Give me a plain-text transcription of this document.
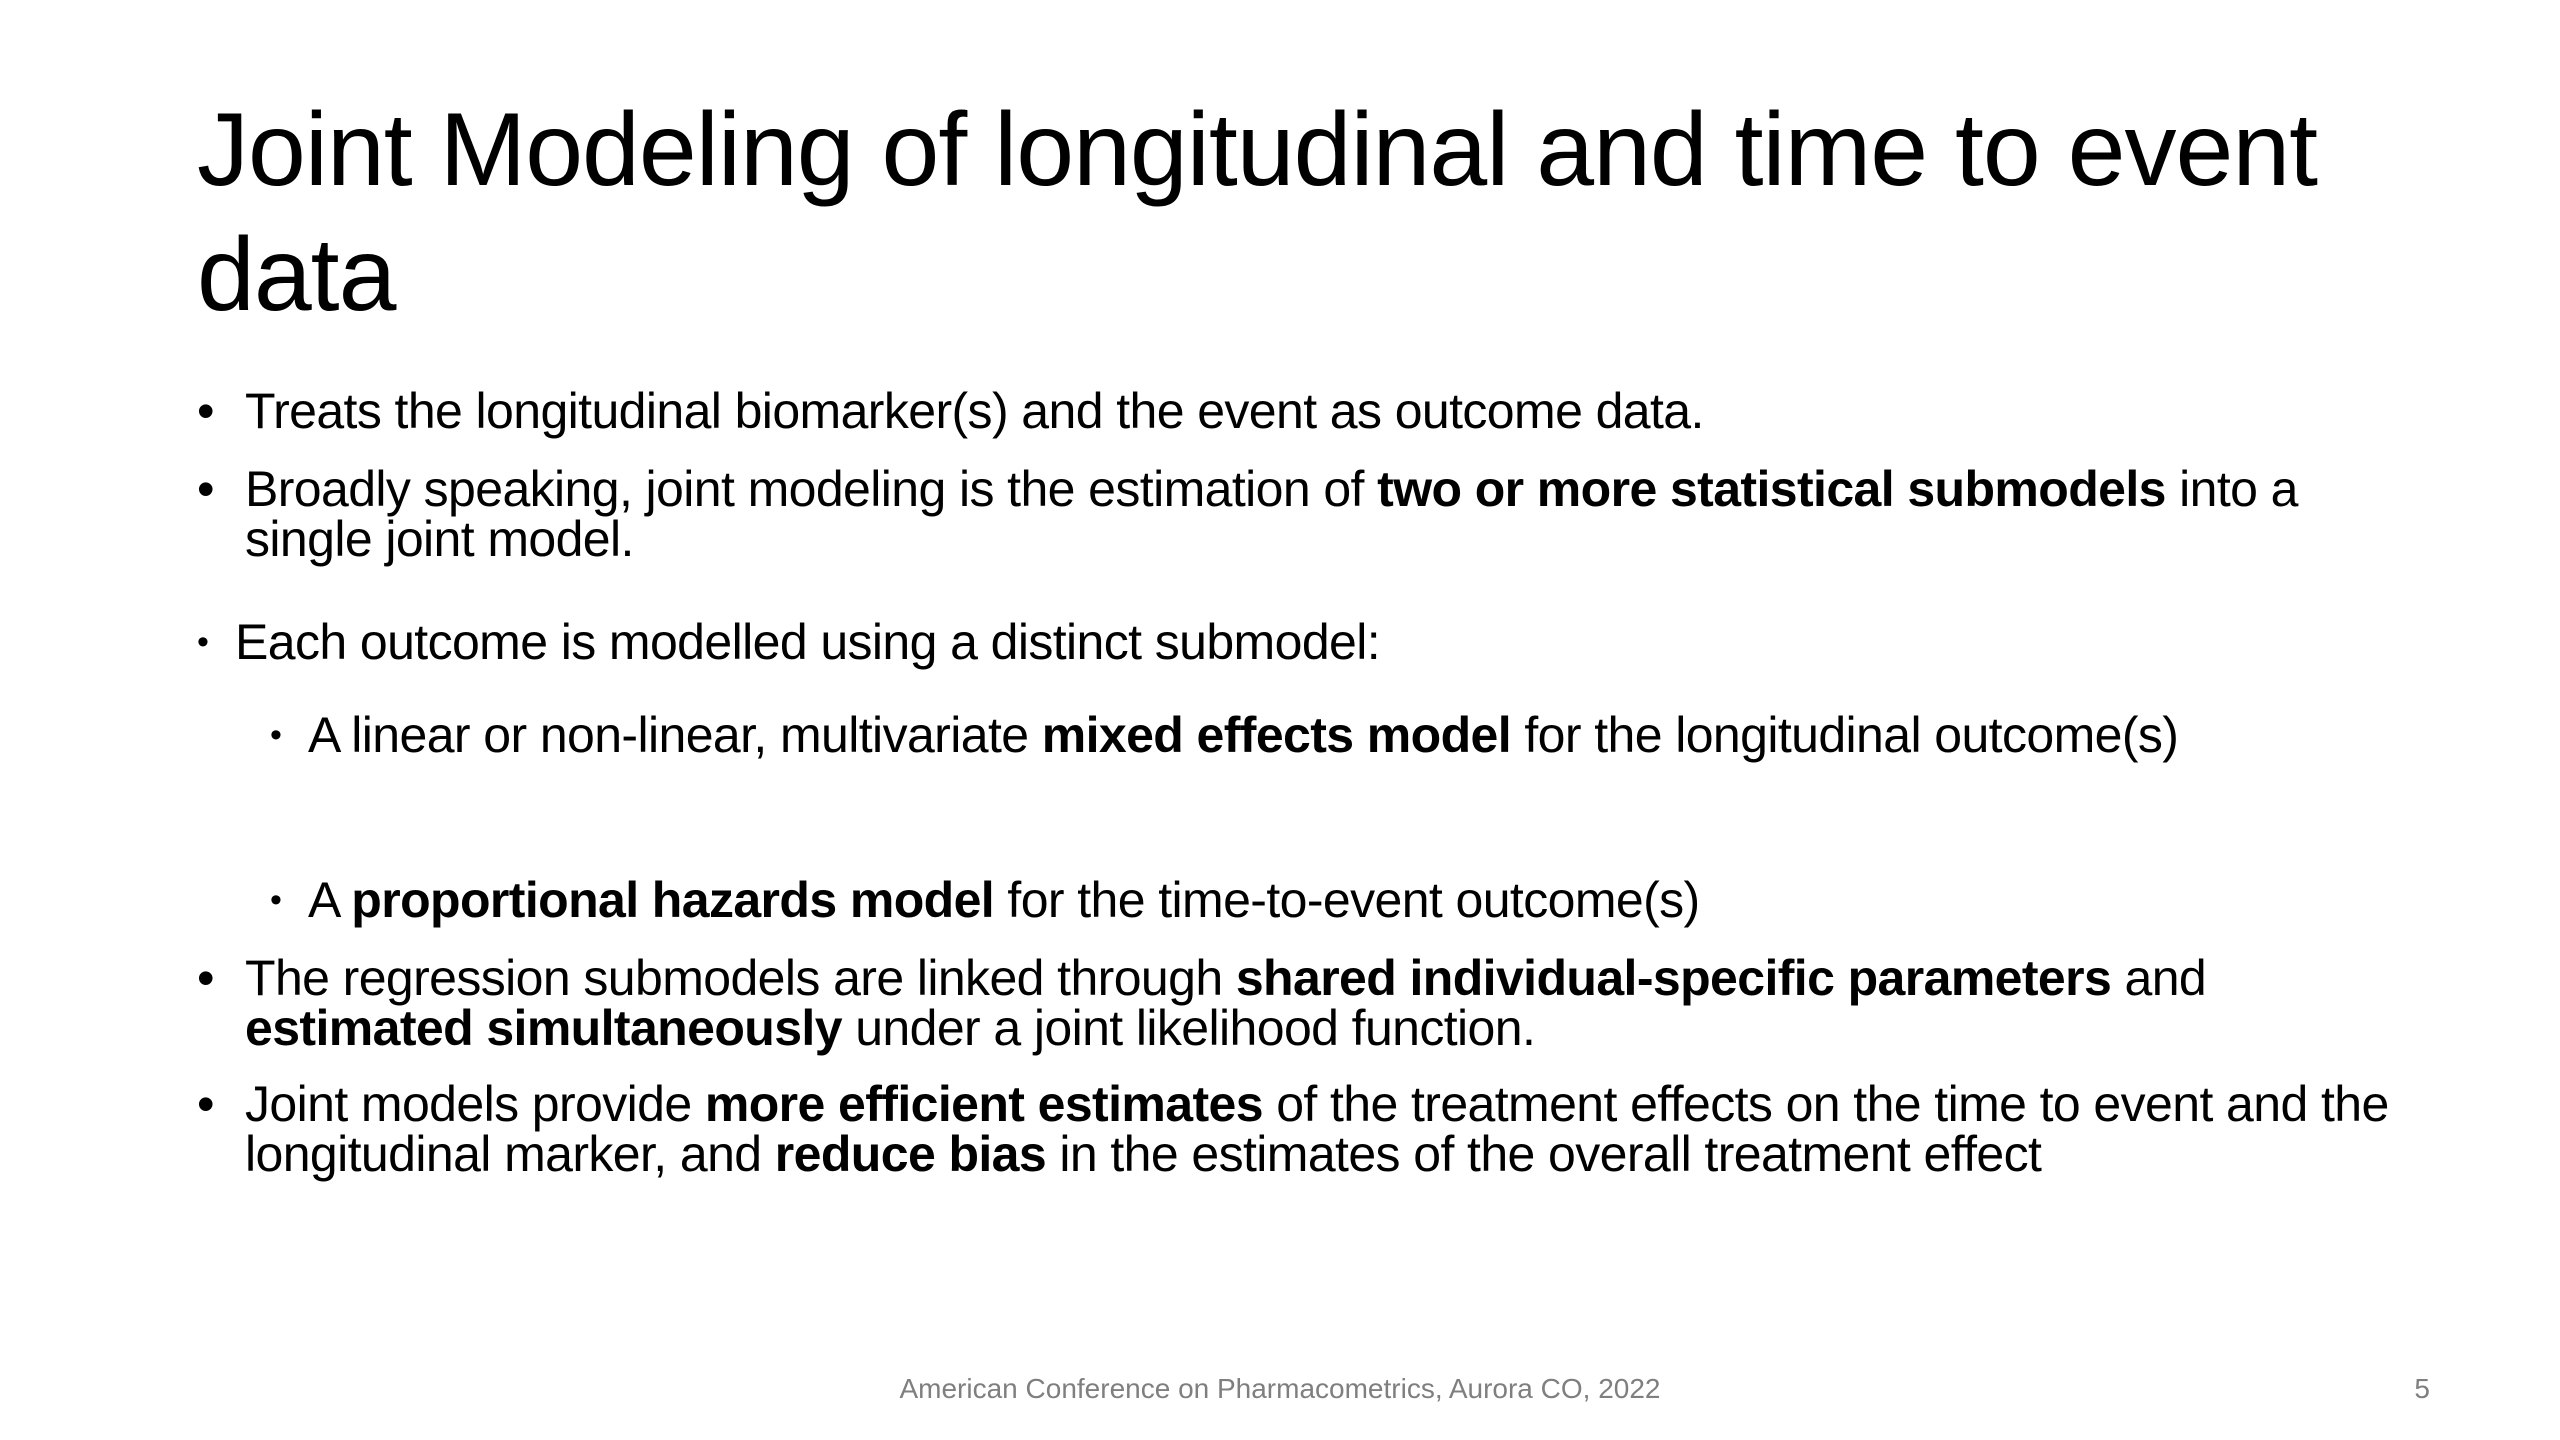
Joint Modeling of longitudinal and time to event data
• Treats the longitudinal biomarker(s) and the event as outcome data.
• Broadly speaking, joint modeling is the estimation of two or more statistical submodels into a single joint model.
• Each outcome is modelled using a distinct submodel:
• A linear or non-linear, multivariate mixed effects model for the longitudinal outcome(s)
• A proportional hazards model for the time-to-event outcome(s)
• The regression submodels are linked through shared individual-specific parameters and estimated simultaneously under a joint likelihood function.
• Joint models provide more efficient estimates of the treatment effects on the time to event and the longitudinal marker, and reduce bias in the estimates of the overall treatment effect
American Conference on Pharmacometrics, Aurora CO, 2022	5
